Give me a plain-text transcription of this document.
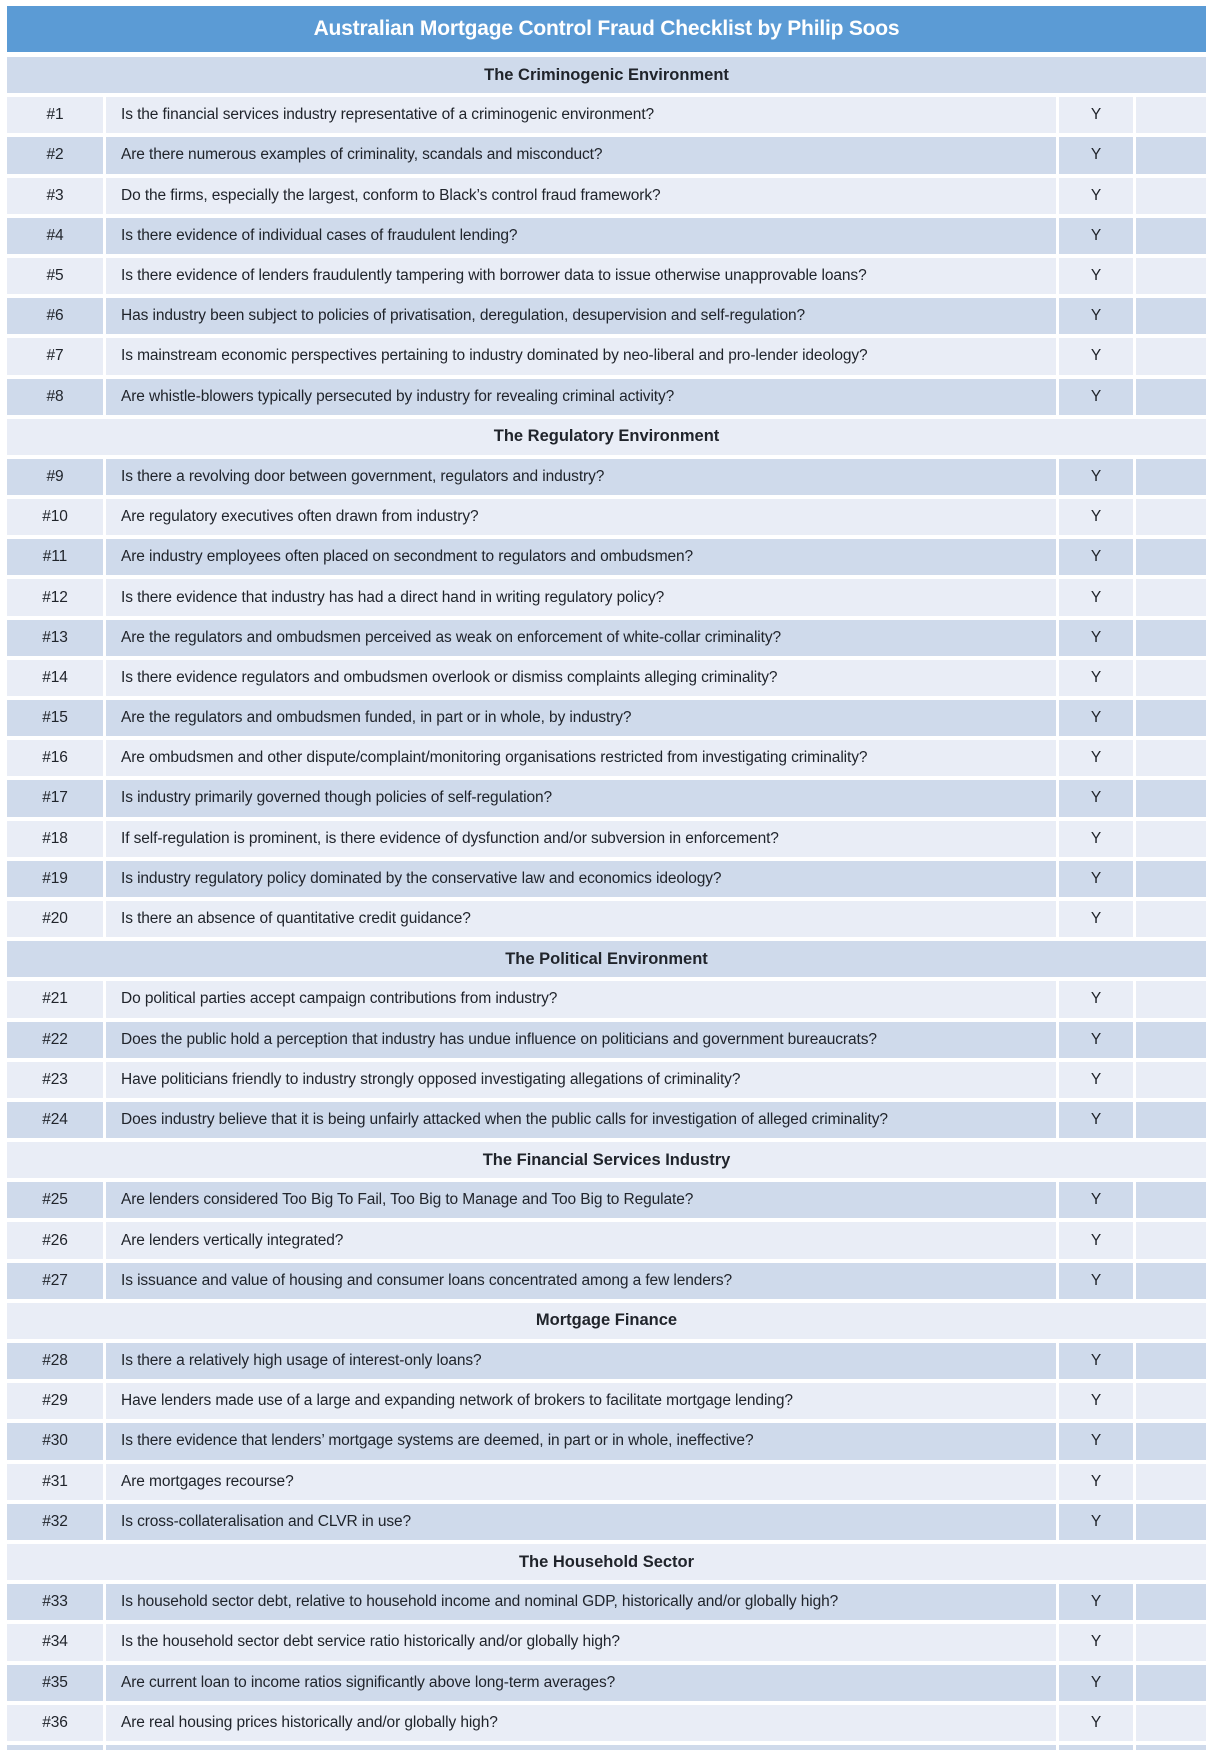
Australian Mortgage Control Fraud Checklist by Philip Soos
The Criminogenic Environment
#1	Is the financial services industry representative of a criminogenic environment?	Y
#2	Are there numerous examples of criminality, scandals and misconduct?	Y
#3	Do the firms, especially the largest, conform to Black’s control fraud framework?	Y
#4	Is there evidence of individual cases of fraudulent lending?	Y
#5	Is there evidence of lenders fraudulently tampering with borrower data to issue otherwise unapprovable loans?	Y
#6	Has industry been subject to policies of privatisation, deregulation, desupervision and self-regulation?	Y
#7	Is mainstream economic perspectives pertaining to industry dominated by neo-liberal and pro-lender ideology?	Y
#8	Are whistle-blowers typically persecuted by industry for revealing criminal activity?	Y
The Regulatory Environment
#9	Is there a revolving door between government, regulators and industry?	Y
#10	Are regulatory executives often drawn from industry?	Y
#11	Are industry employees often placed on secondment to regulators and ombudsmen?	Y
#12	Is there evidence that industry has had a direct hand in writing regulatory policy?	Y
#13	Are the regulators and ombudsmen perceived as weak on enforcement of white-collar criminality?	Y
#14	Is there evidence regulators and ombudsmen overlook or dismiss complaints alleging criminality?	Y
#15	Are the regulators and ombudsmen funded, in part or in whole, by industry?	Y
#16	Are ombudsmen and other dispute/complaint/monitoring organisations restricted from investigating criminality?	Y
#17	Is industry primarily governed though policies of self-regulation?	Y
#18	If self-regulation is prominent, is there evidence of dysfunction and/or subversion in enforcement?	Y
#19	Is industry regulatory policy dominated by the conservative law and economics ideology?	Y
#20	Is there an absence of quantitative credit guidance?	Y
The Political Environment
#21	Do political parties accept campaign contributions from industry?	Y
#22	Does the public hold a perception that industry has undue influence on politicians and government bureaucrats?	Y
#23	Have politicians friendly to industry strongly opposed investigating allegations of criminality?	Y
#24	Does industry believe that it is being unfairly attacked when the public calls for investigation of alleged criminality?	Y
The Financial Services Industry
#25	Are lenders considered Too Big To Fail, Too Big to Manage and Too Big to Regulate?	Y
#26	Are lenders vertically integrated?	Y
#27	Is issuance and value of housing and consumer loans concentrated among a few lenders?	Y
Mortgage Finance
#28	Is there a relatively high usage of interest-only loans?	Y
#29	Have lenders made use of a large and expanding network of brokers to facilitate mortgage lending?	Y
#30	Is there evidence that lenders’ mortgage systems are deemed, in part or in whole, ineffective?	Y
#31	Are mortgages recourse?	Y
#32	Is cross-collateralisation and CLVR in use?	Y
The Household Sector
#33	Is household sector debt, relative to household income and nominal GDP, historically and/or globally high?	Y
#34	Is the household sector debt service ratio historically and/or globally high?	Y
#35	Are current loan to income ratios significantly above long-term averages?	Y
#36	Are real housing prices historically and/or globally high?	Y
